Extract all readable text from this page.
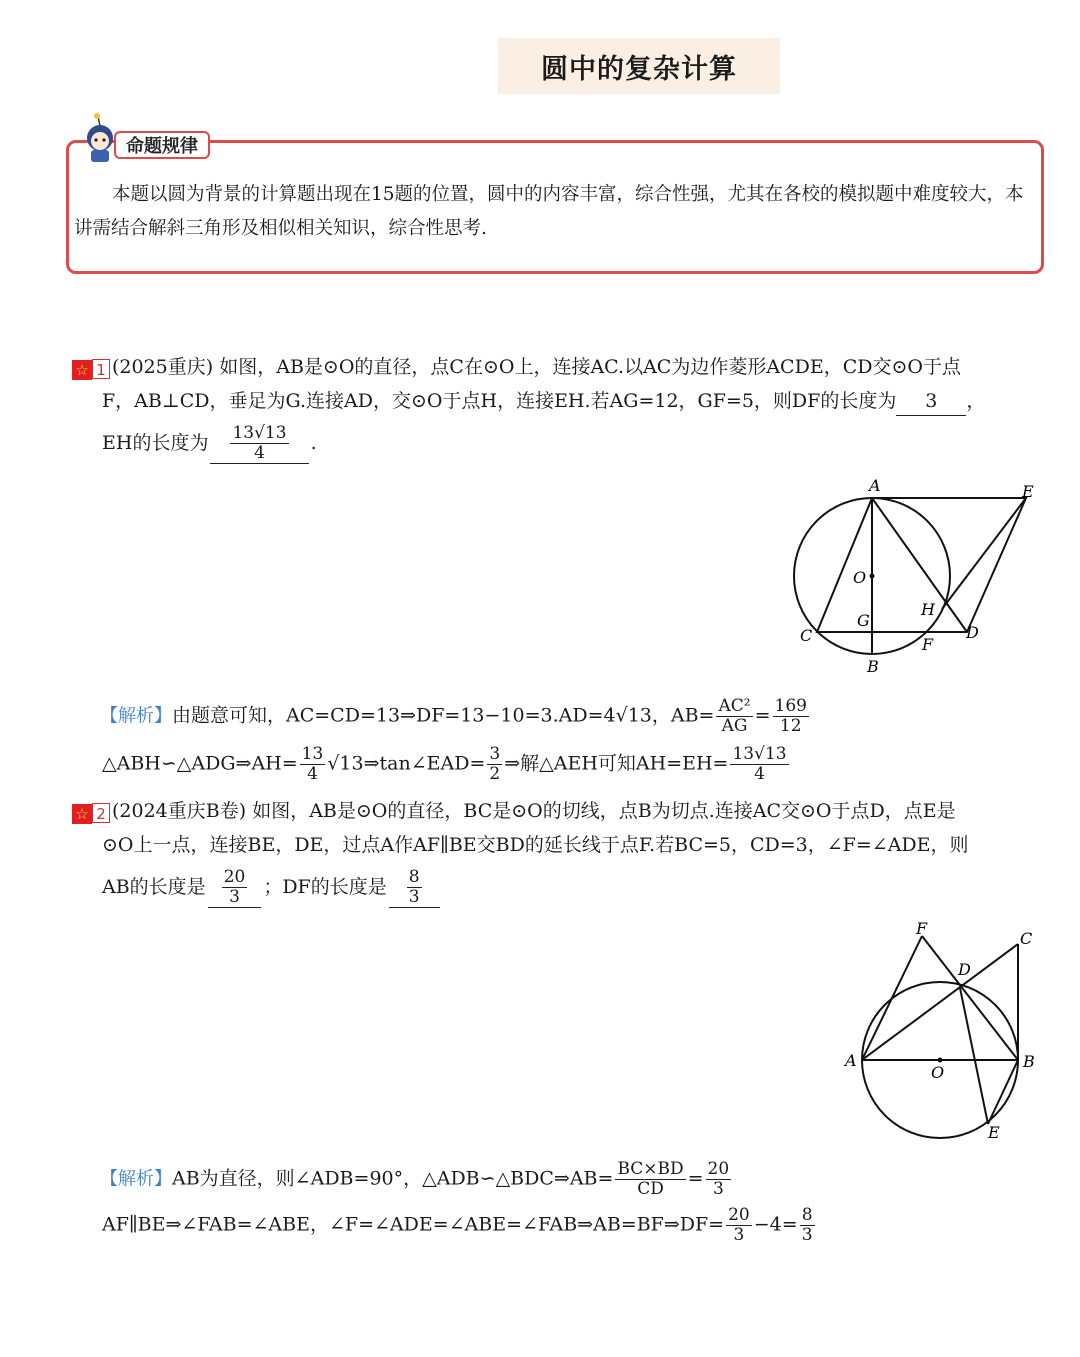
圆中的复杂计算
命题规律
本题以圆为背景的计算题出现在15题的位置，圆中的内容丰富，综合性强，尤其在各校的模拟题中难度较大，本讲需结合解斜三角形及相似相关知识，综合性思考.
☆ 1 (2025重庆) 如图，AB是⊙O的直径，点C在⊙O上，连接AC.以AC为边作菱形ACDE，CD交⊙O于点
F，AB⊥CD，垂足为G.连接AD，交⊙O于点H，连接EH.若AG=12，GF=5，则DF的长度为 3 ，
EH的长度为 $\frac{13√13}{4}$ .
A	E
O
H
G
C	F
D
B
【解析】由题意可知，AC=CD=13⇒DF=13−10=3.AD=4√13，$AB= \frac{\text{AC²}}{AG} = \frac{169}{12}$
△ABH∽△ADG⇒AH= $\frac{13}{4}$ √13⇒tan∠EAD= $\frac{3}{2}$ ⇒解△AEH可知$AH=EH= \frac{13√13}{4}$
☆ 2 (2024重庆B卷) 如图，AB是⊙O的直径，BC是⊙O的切线，点B为切点.连接AC交⊙O于点D，点E是
⊙O上一点，连接BE，DE，过点A作AF∥BE交BD的延长线于点F.若BC=5，CD=3，∠F=∠ADE，则
AB的长度是 $\frac{20}{3}$ ；DF的长度是 $\frac{8}{3}$
F
C
D
A
O
B
E
【解析】AB为直径，则∠ADB=90°，△ADB∽△BDC⇒AB= $\frac{BC\times BD}{CD} = \frac{20}{3}$
AF∥BE⇒∠FAB=∠ABE，∠F=∠ADE=∠ABE=∠FAB⇒AB=BF⇒DF= $\frac{20}{3} -4= \frac{8}{3}$
